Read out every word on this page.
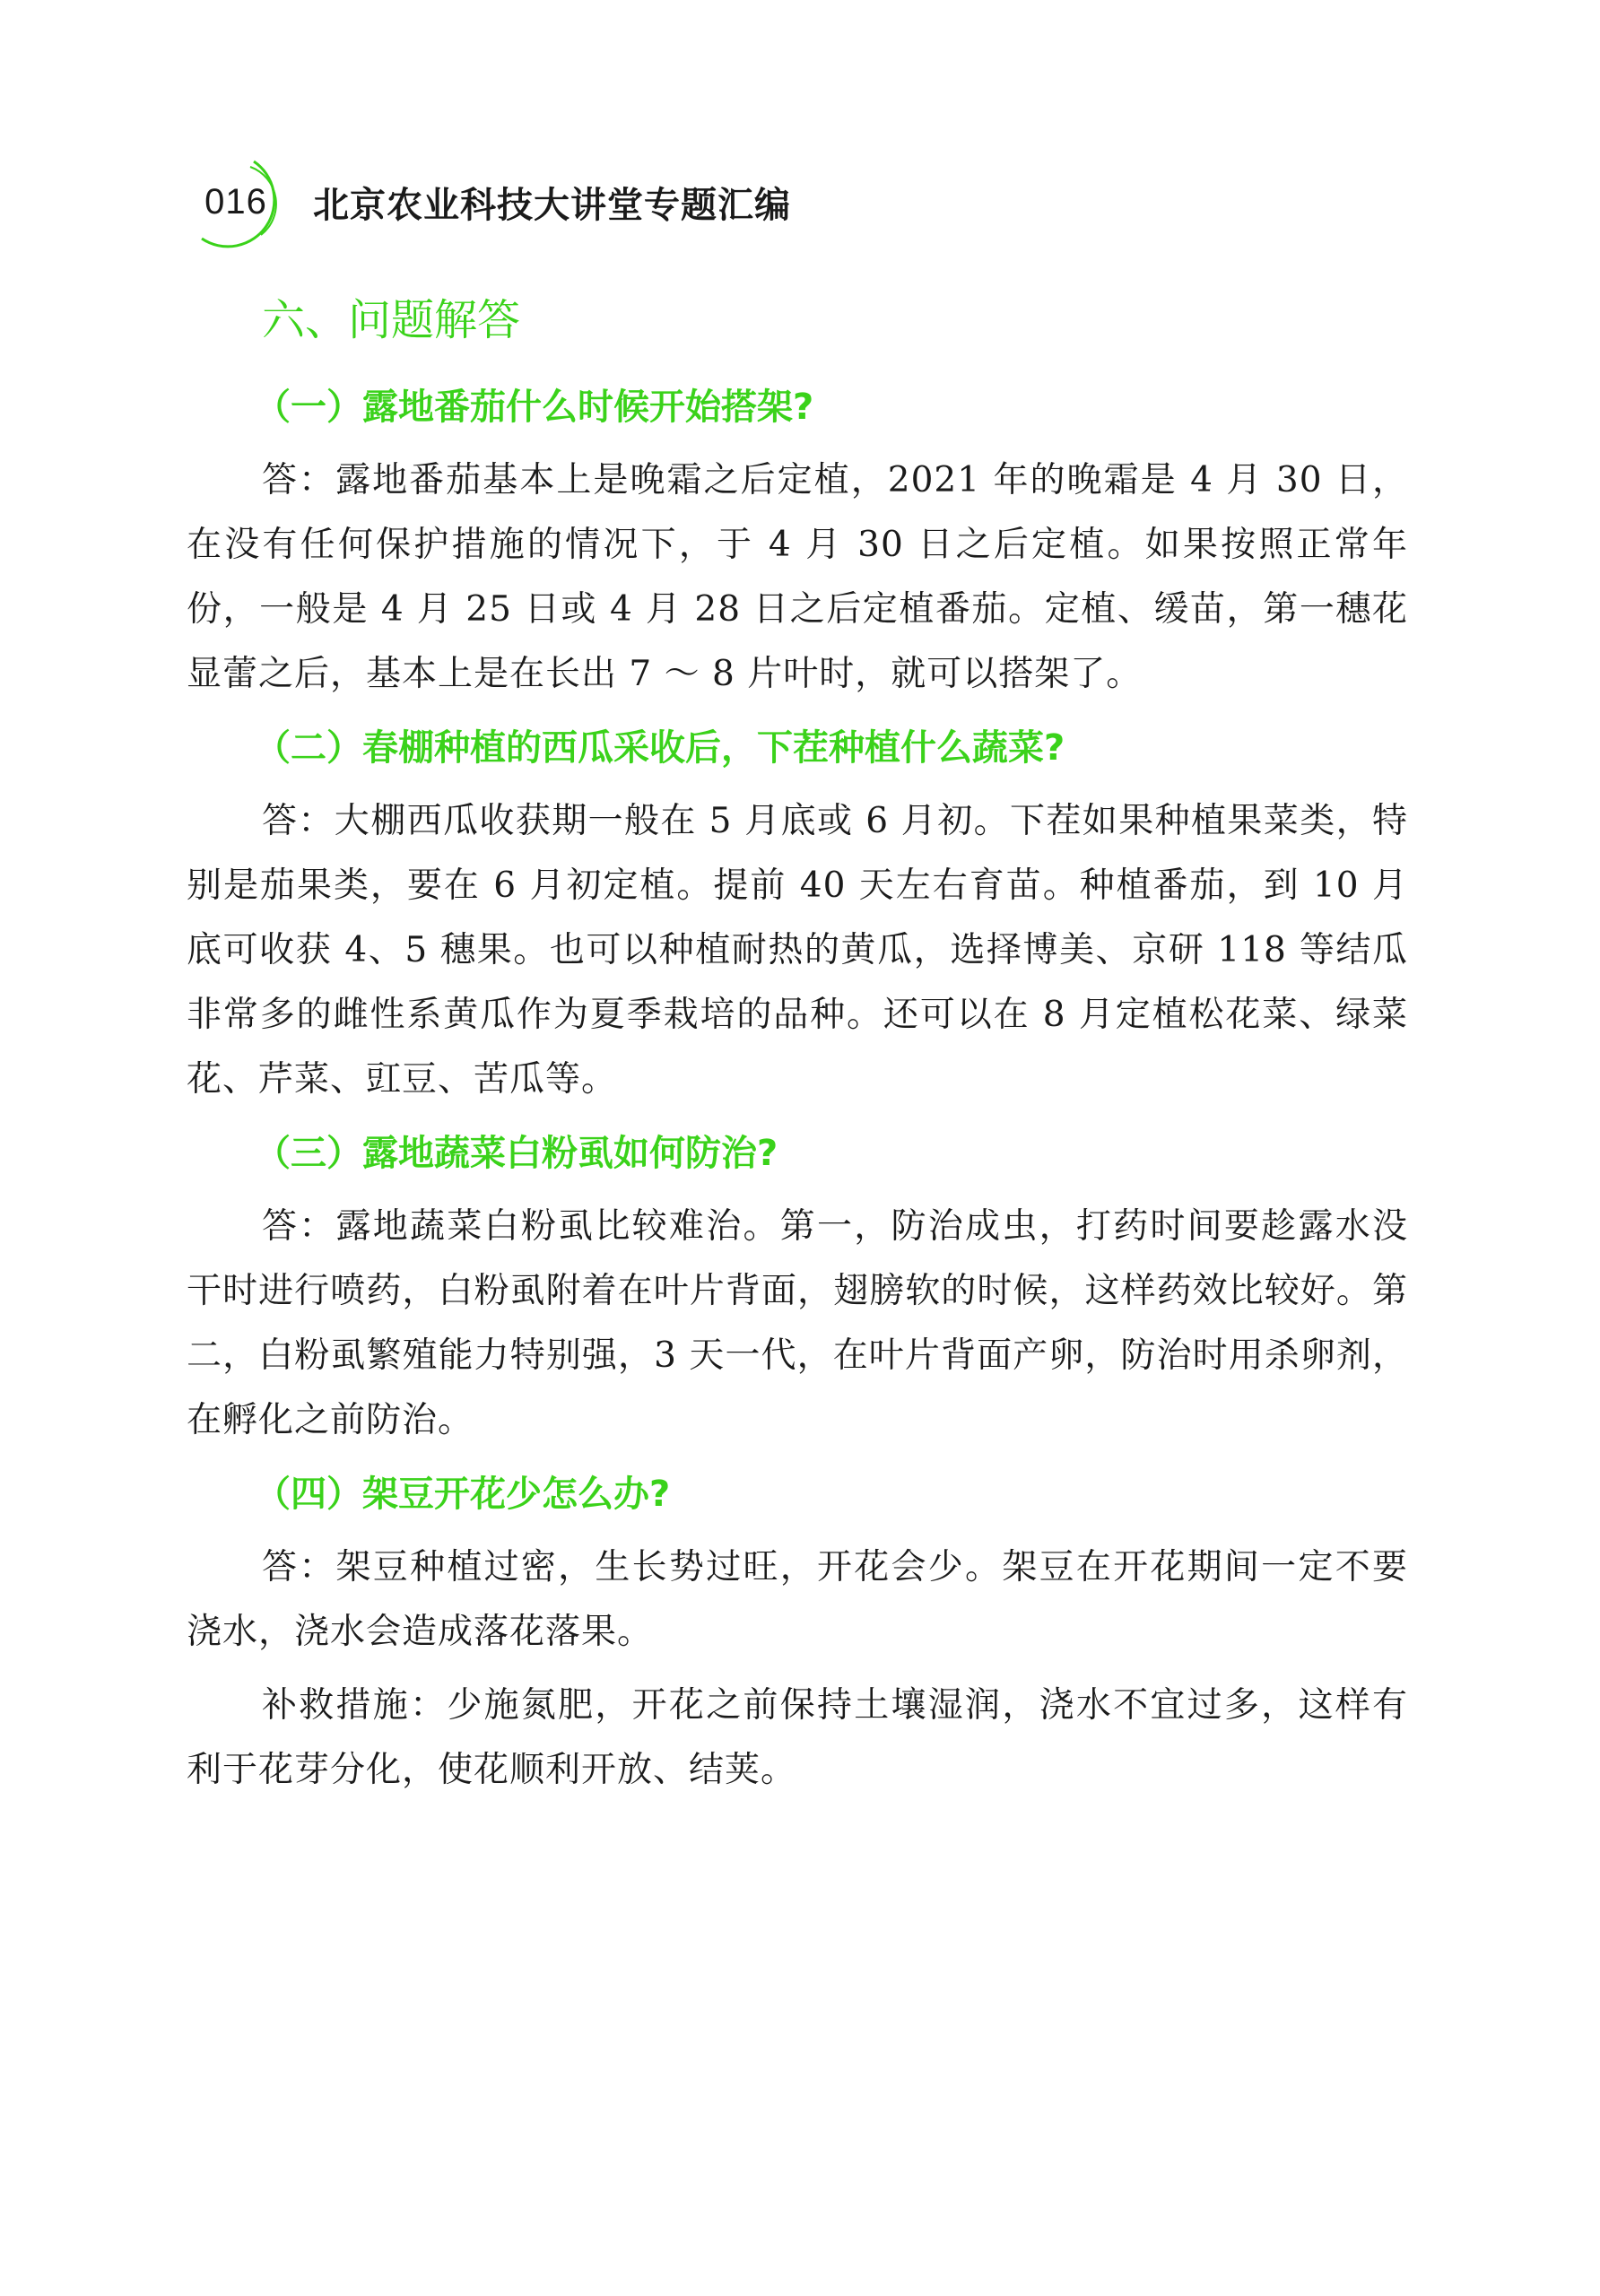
016 北京农业科技大讲堂专题汇编
六、问题解答
（一）露地番茄什么时候开始搭架?

答：露地番茄基本上是晚霜之后定植，2021 年的晚霜是 4 月 30 日，在没有任何保护措施的情况下，于 4 月 30 日之后定植。如果按照正常年份，一般是 4 月 25 日或 4 月 28 日之后定植番茄。定植、缓苗，第一穗花显蕾之后，基本上是在长出 7 ～ 8 片叶时，就可以搭架了。

（二）春棚种植的西瓜采收后，下茬种植什么蔬菜?

答：大棚西瓜收获期一般在 5 月底或 6 月初。下茬如果种植果菜类，特别是茄果类，要在 6 月初定植。提前 40 天左右育苗。种植番茄，到 10 月底可收获 4、5 穗果。也可以种植耐热的黄瓜，选择博美、京研 118 等结瓜非常多的雌性系黄瓜作为夏季栽培的品种。还可以在 8 月定植松花菜、绿菜花、芹菜、豇豆、苦瓜等。

（三）露地蔬菜白粉虱如何防治?

答：露地蔬菜白粉虱比较难治。第一，防治成虫，打药时间要趁露水没干时进行喷药，白粉虱附着在叶片背面，翅膀软的时候，这样药效比较好。第二，白粉虱繁殖能力特别强，3 天一代，在叶片背面产卵，防治时用杀卵剂，在孵化之前防治。

（四）架豆开花少怎么办?

答：架豆种植过密，生长势过旺，开花会少。架豆在开花期间一定不要浇水，浇水会造成落花落果。

补救措施：少施氮肥，开花之前保持土壤湿润，浇水不宜过多，这样有利于花芽分化，使花顺利开放、结荚。
